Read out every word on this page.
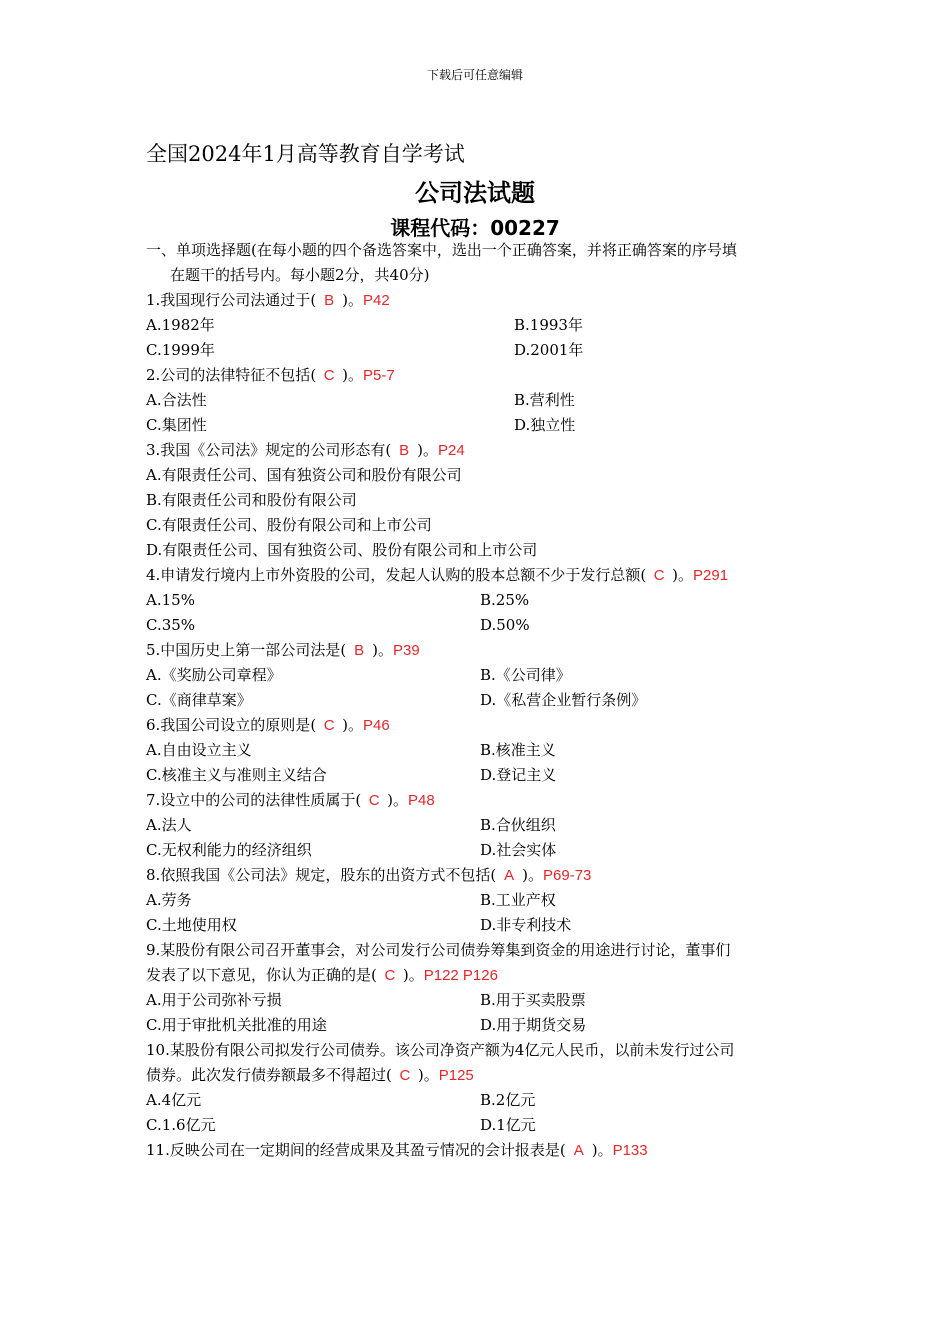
下载后可任意编辑
全国2024年1月高等教育自学考试
公司法试题
课程代码：00227
一、单项选择题(在每小题的四个备选答案中，选出一个正确答案，并将正确答案的序号填
在题干的括号内。每小题2分，共40分)
1.我国现行公司法通过于( B )。P42
A.1982年	B.1993年
C.1999年	D.2001年
2.公司的法律特征不包括( C )。P5-7
A.合法性	B.营利性
C.集团性	D.独立性
3.我国《公司法》规定的公司形态有( B )。P24
A.有限责任公司、国有独资公司和股份有限公司
B.有限责任公司和股份有限公司
C.有限责任公司、股份有限公司和上市公司
D.有限责任公司、国有独资公司、股份有限公司和上市公司
4.申请发行境内上市外资股的公司，发起人认购的股本总额不少于发行总额( C )。P291
A.15%	B.25%
C.35%	D.50%
5.中国历史上第一部公司法是( B )。P39
A.《奖励公司章程》	B.《公司律》
C.《商律草案》	D.《私营企业暂行条例》
6.我国公司设立的原则是( C )。P46
A.自由设立主义	B.核准主义
C.核准主义与准则主义结合	D.登记主义
7.设立中的公司的法律性质属于( C )。P48
A.法人	B.合伙组织
C.无权利能力的经济组织	D.社会实体
8.依照我国《公司法》规定，股东的出资方式不包括( A )。P69-73
A.劳务	B.工业产权
C.土地使用权	D.非专利技术
9.某股份有限公司召开董事会，对公司发行公司债券筹集到资金的用途进行讨论，董事们
发表了以下意见，你认为正确的是( C )。P122 P126
A.用于公司弥补亏损	B.用于买卖股票
C.用于审批机关批准的用途	D.用于期货交易
10.某股份有限公司拟发行公司债券。该公司净资产额为4亿元人民币，以前未发行过公司
债券。此次发行债券额最多不得超过( C )。P125
A.4亿元	B.2亿元
C.1.6亿元	D.1亿元
11.反映公司在一定期间的经营成果及其盈亏情况的会计报表是( A )。P133
